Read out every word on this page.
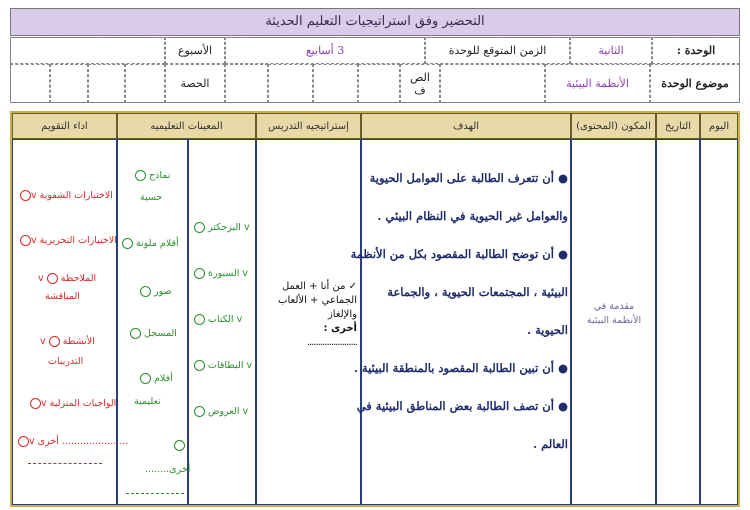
التحضير وفق استراتيجيات التعليم الحديثة
الوحدة :
الثانية
الزمن المتوقع للوحدة
3 أسابيع
الأسبوع
موضوع الوحدة
الأنظمة البيئية
الص
ف
الحصة
اليوم
التاريخ
المكون (المحتوى)
الهدف
إستراتيجيه التدريس
المعينات التعليميه
اداء التقويم
مقدمة في الأنظمة البيئية
● أن تتعرف الطالبة على العوامل الحيوية
والعوامل غير الحيوية في النظام البيئي .
● أن توضح الطالبة المقصود بكل من الأنظمة
البيئية ، المجتمعات الحيوية ، والجماعة
الحيوية .
● أن تبين الطالبة المقصود بالمنطقة البيئية .
● أن تصف الطالبة بعض المناطق البيئية في
العالم .
✓ من أنا + العمل
الجماعي + الألعاب
والإلغاز
أخرى :
.......................
v البرجكتر
v السبورة
v الكتاب
v البطاقات
v العروض
نماذج
حسية
أقلام ملونة
صور
المسجل
أفلام
تعليمية
أخرى........
الاختبارات الشفوية v
الاختبارات التحريرية v
الملاحظة  v
المناقشة
الأنشطة  v
التدريبات
الواجبات المنزلية v
...................... أخرى v
